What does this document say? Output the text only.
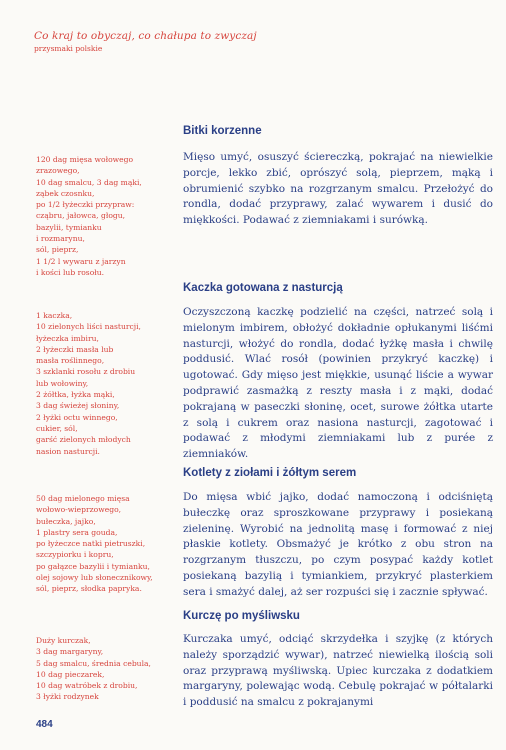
Co kraj to obyczaj, co chałupa to zwyczaj
przysmaki polskie
Bitki korzenne
120 dag mięsa wołowego
zrazowego,
10 dag smalcu, 3 dag mąki,
ząbek czosnku,
po 1/2 łyżeczki przypraw:
cząbru, jałowca, głogu,
bazylii, tymianku
i rozmarynu,
sól, pieprz,
1 1/2 l wywaru z jarzyn
i kości lub rosołu.
Mięso umyć, osuszyć ściereczką, pokrajać na niewielkie porcje, lekko zbić, oprószyć solą, pieprzem, mąką i obrumienić szybko na rozgrzanym smalcu. Przełożyć do rondla, dodać przyprawy, zalać wywarem i dusić do miękkości. Podawać z ziemniakami i surówką.
Kaczka gotowana z nasturcją
1 kaczka,
10 zielonych liści nasturcji,
łyżeczka imbiru,
2 łyżeczki masła lub
masła roślinnego,
3 szklanki rosołu z drobiu
lub wołowiny,
2 żółtka, łyżka mąki,
3 dag świeżej słoniny,
2 łyżki octu winnego,
cukier, sól,
garść zielonych młodych
nasion nasturcji.
Oczyszczoną kaczkę podzielić na części, natrzeć solą i mielonym imbirem, obłożyć dokładnie opłukanymi liśćmi nasturcji, włożyć do rondla, dodać łyżkę masła i chwilę poddusić. Wlać rosół (powinien przykryć kaczkę) i ugotować. Gdy mięso jest miękkie, usunąć liście a wywar podprawić zasmażką z reszty masła i z mąki, dodać pokrajaną w paseczki słoninę, ocet, surowe żółtka utarte z solą i cukrem oraz nasiona nasturcji, zagotować i podawać z młodymi ziemniakami lub z purée z ziemniaków.
Kotlety z ziołami i żółtym serem
50 dag mielonego mięsa
wołowo-wieprzowego,
bułeczka, jajko,
1 plastry sera gouda,
po łyżeczce natki pietruszki,
szczypiorku i kopru,
po gałązce bazylii i tymianku,
olej sojowy lub słonecznikowy,
sól, pieprz, słodka papryka.
Do mięsa wbić jajko, dodać namoczoną i odciśniętą bułeczkę oraz sproszkowane przyprawy i posiekaną zieleninę. Wyrobić na jednolitą masę i formować z niej płaskie kotlety. Obsmażyć je krótko z obu stron na rozgrzanym tłuszczu, po czym posypać każdy kotlet posiekaną bazylią i tymiankiem, przykryć plasterkiem sera i smażyć dalej, aż ser rozpuści się i zacznie spływać.
Kurczę po myśliwsku
Duży kurczak,
3 dag margaryny,
5 dag smalcu, średnia cebula,
10 dag pieczarek,
10 dag watróbek z drobiu,
3 łyżki rodzynek
Kurczaka umyć, odciąć skrzydełka i szyjkę (z których należy sporządzić wywar), natrzeć niewielką ilością soli oraz przyprawą myśliwską. Upiec kurczaka z dodatkiem margaryny, polewając wodą. Cebulę pokrajać w półtalarki i poddusić na smalcu z pokrajanymi
484
